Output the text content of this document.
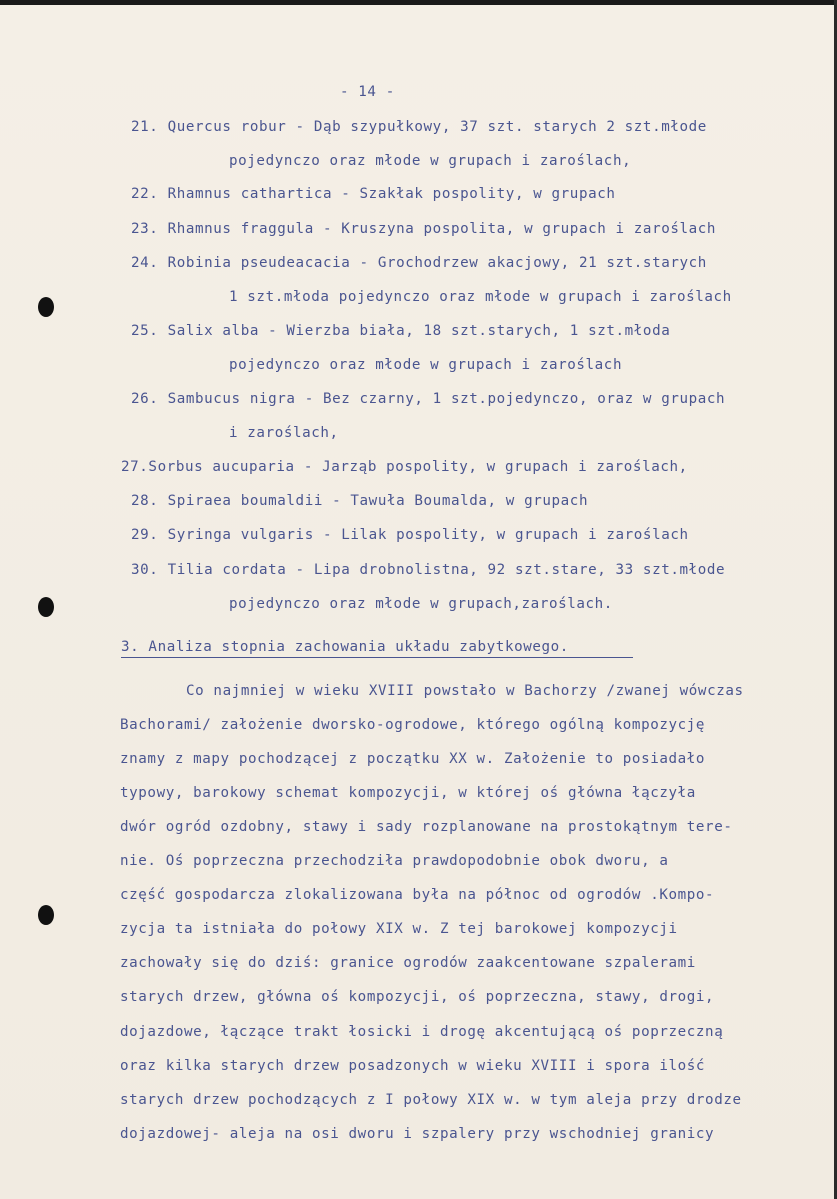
- 14 -
21. Quercus robur - Dąb szypułkowy, 37 szt. starych 2 szt.młode
pojedynczo oraz młode w grupach i zaroślach,
22. Rhamnus cathartica - Szakłak pospolity, w grupach
23. Rhamnus fraggula - Kruszyna pospolita, w grupach i zaroślach
24. Robinia pseudeacacia - Grochodrzew akacjowy, 21 szt.starych
1 szt.młoda pojedynczo oraz młode w grupach i zaroślach
25. Salix alba - Wierzba biała, 18 szt.starych, 1 szt.młoda
pojedynczo oraz młode w grupach i zaroślach
26. Sambucus nigra - Bez czarny, 1 szt.pojedynczo, oraz w grupach
i zaroślach,
27.Sorbus aucuparia - Jarząb pospolity, w grupach i zaroślach,
28. Spiraea boumaldii - Tawuła Boumalda, w grupach
29. Syringa vulgaris - Lilak pospolity, w grupach i zaroślach
30. Tilia cordata - Lipa drobnolistna, 92 szt.stare, 33 szt.młode
pojedynczo oraz młode w grupach,zaroślach.
3. Analiza stopnia zachowania układu zabytkowego.
Co najmniej w wieku XVIII powstało w Bachorzy /zwanej wówczas
Bachorami/ założenie dworsko-ogrodowe, którego ogólną kompozycję
znamy z mapy pochodzącej z początku XX w. Założenie to posiadało
typowy, barokowy schemat kompozycji, w której oś główna łączyła
dwór ogród ozdobny, stawy i sady rozplanowane na prostokątnym tere-
nie. Oś poprzeczna przechodziła prawdopodobnie obok dworu, a
część gospodarcza zlokalizowana była na północ od ogrodów .Kompo-
zycja ta istniała do połowy XIX w. Z tej barokowej kompozycji
zachowały się do dziś: granice ogrodów zaakcentowane szpalerami
starych drzew, główna oś kompozycji, oś poprzeczna, stawy, drogi,
dojazdowe, łączące trakt łosicki i drogę akcentującą oś poprzeczną
oraz kilka starych drzew posadzonych w wieku XVIII i spora ilość
starych drzew pochodzących z I połowy XIX w. w tym aleja przy drodze
dojazdowej- aleja na osi dworu i szpalery przy wschodniej granicy
